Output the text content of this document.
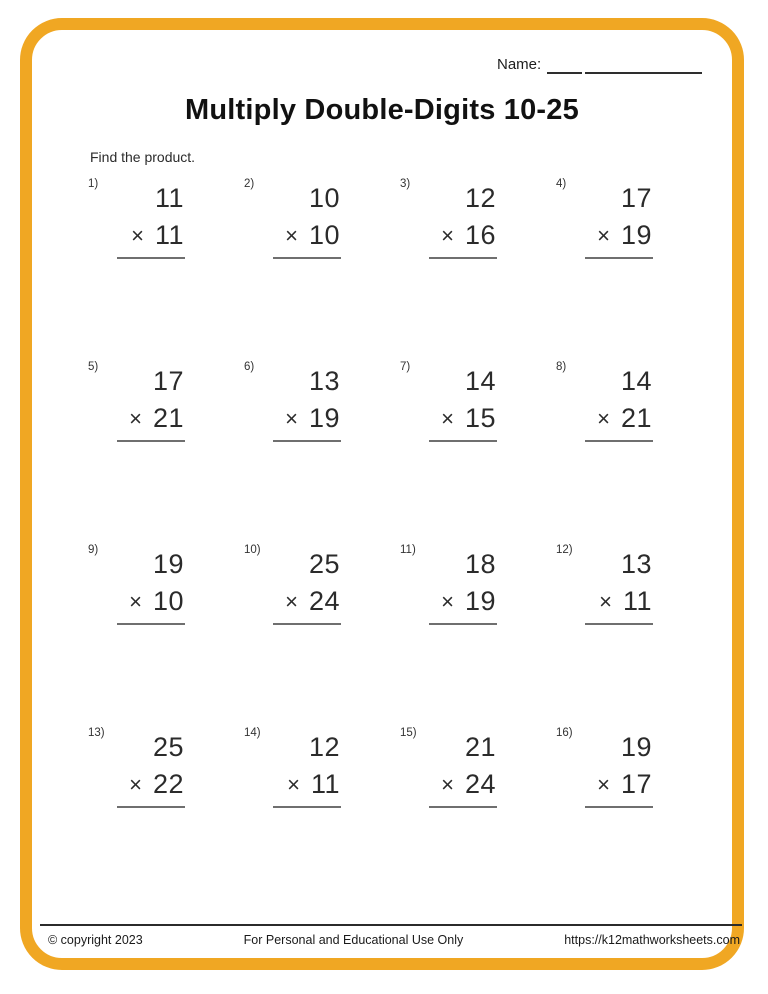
Name:
Multiply Double-Digits 10-25
Find the product.
1)	11
× 11
2)	10
× 10
3)	12
× 16
4)	17
× 19
5)	17
× 21
6)	13
× 19
7)	14
× 15
8)	14
× 21
9)	19
× 10
10)	25
× 24
11)	18
× 19
12)	13
× 11
13)	25
× 22
14)	12
× 11
15)	21
× 24
16)	19
× 17
© copyright 2023	For Personal and Educational Use Only	https://k12mathworksheets.com
